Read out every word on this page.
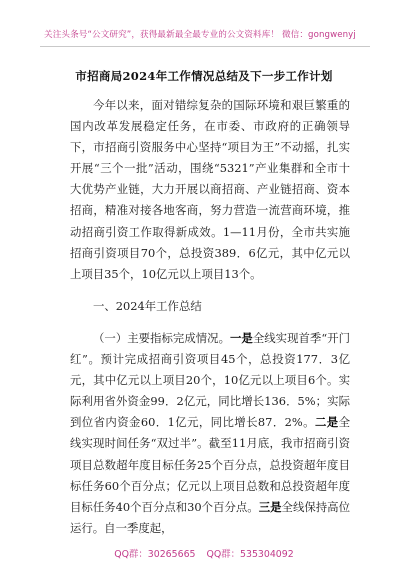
关注头条号“公文研究”，获得最新最全最专业的公文资料库！ 微信：gongwenyj
市招商局2024年工作情况总结及下一步工作计划

今年以来，面对错综复杂的国际环境和艰巨繁重的国内改革发展稳定任务，在市委、市政府的正确领导下，市招商引资服务中心坚持“项目为王”不动摇，扎实开展“三个一批”活动，围绕“5321”产业集群和全市十大优势产业链，大力开展以商招商、产业链招商、资本招商，精准对接各地客商，努力营造一流营商环境，推动招商引资工作取得新成效。1—11月份，全市共实施招商引资项目70个，总投资389．6亿元，其中亿元以上项目35个，10亿元以上项目13个。

一、2024年工作总结

（一）主要指标完成情况。一是全线实现首季“开门红”。预计完成招商引资项目45个，总投资177．3亿元，其中亿元以上项目20个，10亿元以上项目6个。实际利用省外资金99．2亿元，同比增长136．5%；实际到位省内资金60．1亿元，同比增长87．2%。二是全线实现时间任务“双过半”。截至11月底，我市招商引资项目总数超年度目标任务25个百分点，总投资超年度目标任务60个百分点；亿元以上项目总数和总投资超年度目标任务40个百分点和30个百分点。三是全线保持高位运行。自一季度起，

QQ群：30265665 QQ群：535304092
